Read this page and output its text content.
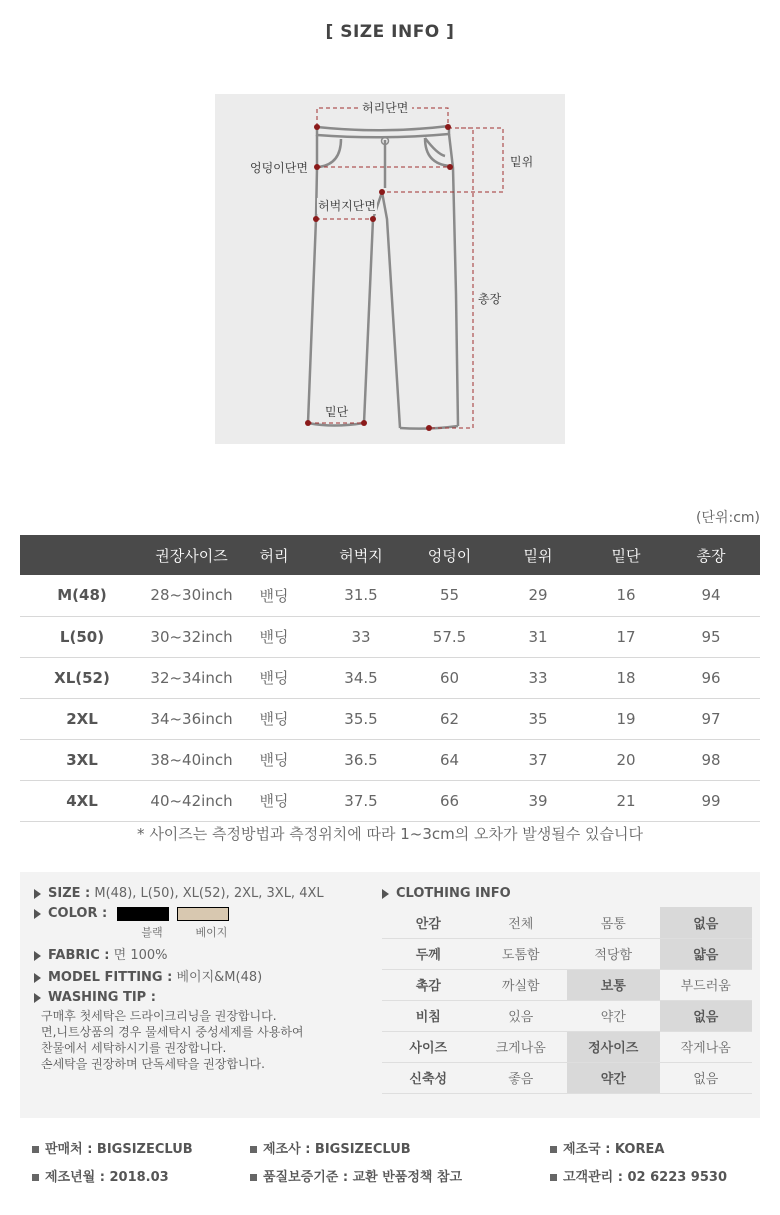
[ SIZE INFO ]
허리단면
밑위
엉덩이단면
허벅지단면
총장
밑단
(단위:cm)
	권장사이즈	허리	허벅지	엉덩이	밑위	밑단	총장
M(48)	28~30inch	밴딩	31.5	55	29	16	94
L(50)	30~32inch	밴딩	33	57.5	31	17	95
XL(52)	32~34inch	밴딩	34.5	60	33	18	96
2XL	34~36inch	밴딩	35.5	62	35	19	97
3XL	38~40inch	밴딩	36.5	64	37	20	98
4XL	40~42inch	밴딩	37.5	66	39	21	99
* 사이즈는 측정방법과 측정위치에 따라 1~3cm의 오차가 발생될수 있습니다
SIZE : M(48), L(50), XL(52), 2XL, 3XL, 4XL
COLOR :
블랙	베이지
FABRIC : 면 100%
MODEL FITTING : 베이지&M(48)
WASHING TIP :
구매후 첫세탁은 드라이크리닝을 권장합니다.
면,니트상품의 경우 물세탁시 중성세제를 사용하여
찬물에서 세탁하시기를 권장합니다.
손세탁을 권장하며 단독세탁을 권장합니다.
CLOTHING INFO
안감	전체	몸통	없음
두께	도톰함	적당함	얇음
촉감	까실함	보통	부드러움
비침	있음	약간	없음
사이즈	크게나옴	정사이즈	작게나옴
신축성	좋음	약간	없음
판매처 : BIGSIZECLUB	제조사 : BIGSIZECLUB	제조국 : KOREA
제조년월 : 2018.03	품질보증기준 : 교환 반품정책 참고	고객관리 : 02 6223 9530
